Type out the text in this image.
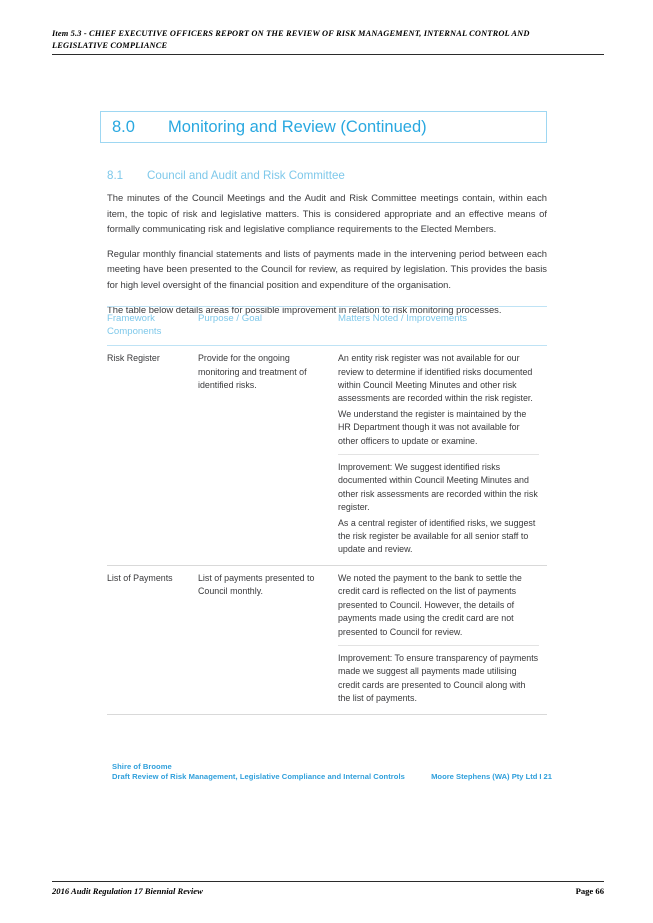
Item 5.3 - CHIEF EXECUTIVE OFFICERS REPORT ON THE REVIEW OF RISK MANAGEMENT, INTERNAL CONTROL AND
LEGISLATIVE COMPLIANCE
8.0	Monitoring and Review (Continued)
8.1	Council and Audit and Risk Committee

The minutes of the Council Meetings and the Audit and Risk Committee meetings contain, within each item, the topic of risk and legislative matters. This is considered appropriate and an effective means of formally communicating risk and legislative compliance requirements to the Elected Members.

Regular monthly financial statements and lists of payments made in the intervening period between each meeting have been presented to the Council for review, as required by legislation. This provides the basis for high level oversight of the financial position and expenditure of the organisation.

The table below details areas for possible improvement in relation to risk monitoring processes.

Framework Components	Purpose / Goal	Matters Noted / Improvements
Risk Register	Provide for the ongoing monitoring and treatment of identified risks.	An entity risk register was not available for our review to determine if identified risks documented within Council Meeting Minutes and other risk assessments are recorded within the risk register.

We understand the register is maintained by the HR Department though it was not available for other officers to update or examine.

Improvement: We suggest identified risks documented within Council Meeting Minutes and other risk assessments are recorded within the risk register.

As a central register of identified risks, we suggest the risk register be available for all senior staff to update and review.

List of Payments	List of payments presented to Council monthly.	We noted the payment to the bank to settle the credit card is reflected on the list of payments presented to Council. However, the details of payments made using the credit card are not presented to Council for review.

Improvement: To ensure transparency of payments made we suggest all payments made utilising credit cards are presented to Council along with the list of payments.

Shire of Broome
Draft Review of Risk Management, Legislative Compliance and Internal Controls	Moore Stephens (WA) Pty Ltd I 21
2016 Audit Regulation 17 Biennial Review	Page 66
